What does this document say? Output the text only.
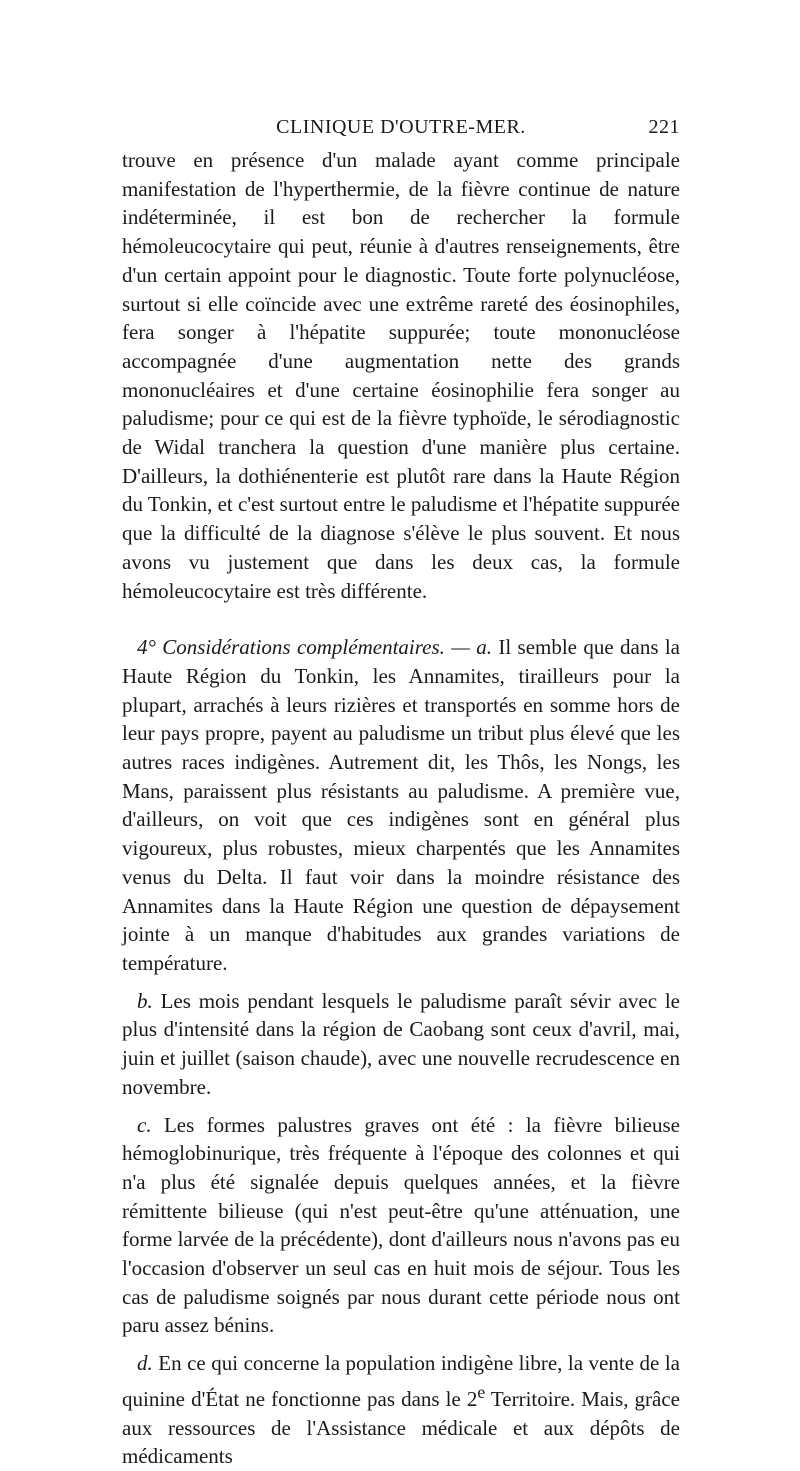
CLINIQUE D'OUTRE-MER.	221

trouve en présence d'un malade ayant comme principale manifestation de l'hyperthermie, de la fièvre continue de nature indéterminée, il est bon de rechercher la formule hémoleucocytaire qui peut, réunie à d'autres renseignements, être d'un certain appoint pour le diagnostic. Toute forte polynucléose, surtout si elle coïncide avec une extrême rareté des éosinophiles, fera songer à l'hépatite suppurée; toute mononucléose accompagnée d'une augmentation nette des grands mononucléaires et d'une certaine éosinophilie fera songer au paludisme; pour ce qui est de la fièvre typhoïde, le sérodiagnostic de Widal tranchera la question d'une manière plus certaine. D'ailleurs, la dothiénenterie est plutôt rare dans la Haute Région du Tonkin, et c'est surtout entre le paludisme et l'hépatite suppurée que la difficulté de la diagnose s'élève le plus souvent. Et nous avons vu justement que dans les deux cas, la formule hémoleucocytaire est très différente.

4° Considérations complémentaires. — a. Il semble que dans la Haute Région du Tonkin, les Annamites, tirailleurs pour la plupart, arrachés à leurs rizières et transportés en somme hors de leur pays propre, payent au paludisme un tribut plus élevé que les autres races indigènes. Autrement dit, les Thôs, les Nongs, les Mans, paraissent plus résistants au paludisme. A première vue, d'ailleurs, on voit que ces indigènes sont en général plus vigoureux, plus robustes, mieux charpentés que les Annamites venus du Delta. Il faut voir dans la moindre résistance des Annamites dans la Haute Région une question de dépaysement jointe à un manque d'habitudes aux grandes variations de température.

b. Les mois pendant lesquels le paludisme paraît sévir avec le plus d'intensité dans la région de Caobang sont ceux d'avril, mai, juin et juillet (saison chaude), avec une nouvelle recrudescence en novembre.

c. Les formes palustres graves ont été : la fièvre bilieuse hémoglobinurique, très fréquente à l'époque des colonnes et qui n'a plus été signalée depuis quelques années, et la fièvre rémittente bilieuse (qui n'est peut-être qu'une atténuation, une forme larvée de la précédente), dont d'ailleurs nous n'avons pas eu l'occasion d'observer un seul cas en huit mois de séjour. Tous les cas de paludisme soignés par nous durant cette période nous ont paru assez bénins.

d. En ce qui concerne la population indigène libre, la vente de la quinine d'État ne fonctionne pas dans le 2e Territoire. Mais, grâce aux ressources de l'Assistance médicale et aux dépôts de médicaments
